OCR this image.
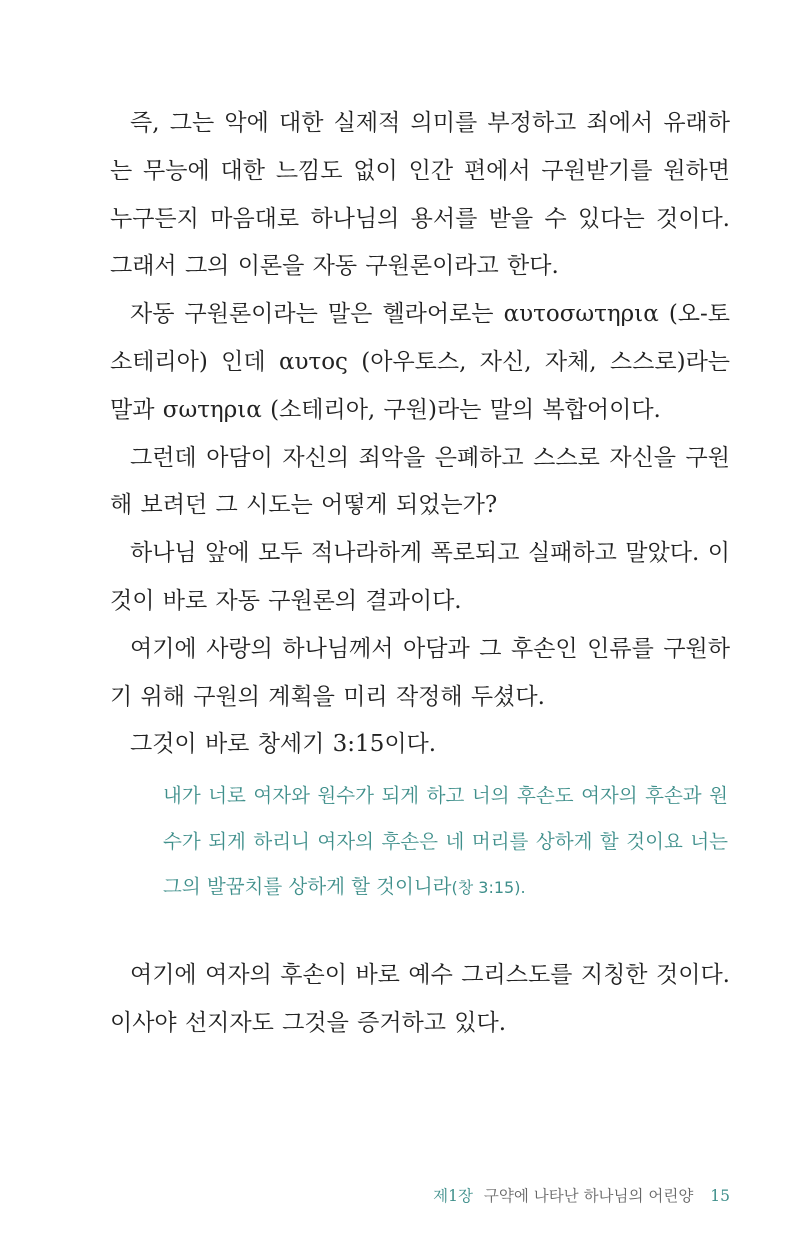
즉, 그는 악에 대한 실제적 의미를 부정하고 죄에서 유래하는 무능에 대한 느낌도 없이 인간 편에서 구원받기를 원하면 누구든지 마음대로 하나님의 용서를 받을 수 있다는 것이다. 그래서 그의 이론을 자동 구원론이라고 한다.

자동 구원론이라는 말은 헬라어로는 αυτοσωτηρια (오-토 소테리아) 인데 αυτος (아우토스, 자신, 자체, 스스로)라는 말과 σωτηρια (소테리아, 구원)라는 말의 복합어이다.

그런데 아담이 자신의 죄악을 은폐하고 스스로 자신을 구원해 보려던 그 시도는 어떻게 되었는가?

하나님 앞에 모두 적나라하게 폭로되고 실패하고 말았다. 이것이 바로 자동 구원론의 결과이다.

여기에 사랑의 하나님께서 아담과 그 후손인 인류를 구원하기 위해 구원의 계획을 미리 작정해 두셨다.

그것이 바로 창세기 3:15이다.

내가 너로 여자와 원수가 되게 하고 너의 후손도 여자의 후손과 원수가 되게 하리니 여자의 후손은 네 머리를 상하게 할 것이요 너는 그의 발꿈치를 상하게 할 것이니라(창 3:15).

여기에 여자의 후손이 바로 예수 그리스도를 지칭한 것이다. 이사야 선지자도 그것을 증거하고 있다.

제1장 구약에 나타난 하나님의 어린양 15
